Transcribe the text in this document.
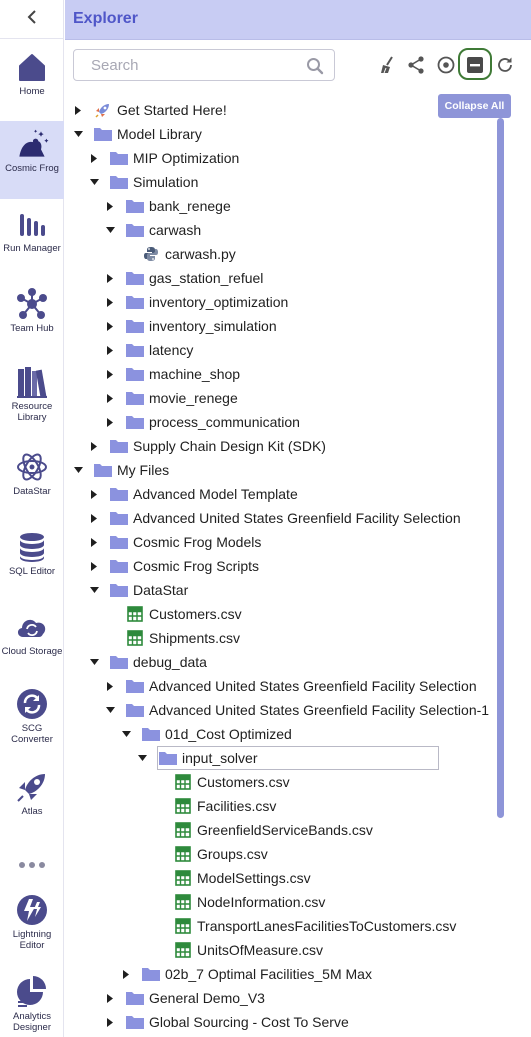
Home
Cosmic Frog
Run Manager
Team Hub
Resource Library
DataStar
SQL Editor
Cloud Storage
SCG Converter
Atlas
Lightning Editor
Analytics Designer
Explorer
Search
Collapse All
Get Started Here!
Model Library
MIP Optimization
Simulation
bank_renege
carwash
carwash.py
gas_station_refuel
inventory_optimization
inventory_simulation
latency
machine_shop
movie_renege
process_communication
Supply Chain Design Kit (SDK)
My Files
Advanced Model Template
Advanced United States Greenfield Facility Selection
Cosmic Frog Models
Cosmic Frog Scripts
DataStar
Customers.csv
Shipments.csv
debug_data
Advanced United States Greenfield Facility Selection
Advanced United States Greenfield Facility Selection-1
01d_Cost Optimized
input_solver
Customers.csv
Facilities.csv
GreenfieldServiceBands.csv
Groups.csv
ModelSettings.csv
NodeInformation.csv
TransportLanesFacilitiesToCustomers.csv
UnitsOfMeasure.csv
02b_7 Optimal Facilities_5M Max
General Demo_V3
Global Sourcing - Cost To Serve
